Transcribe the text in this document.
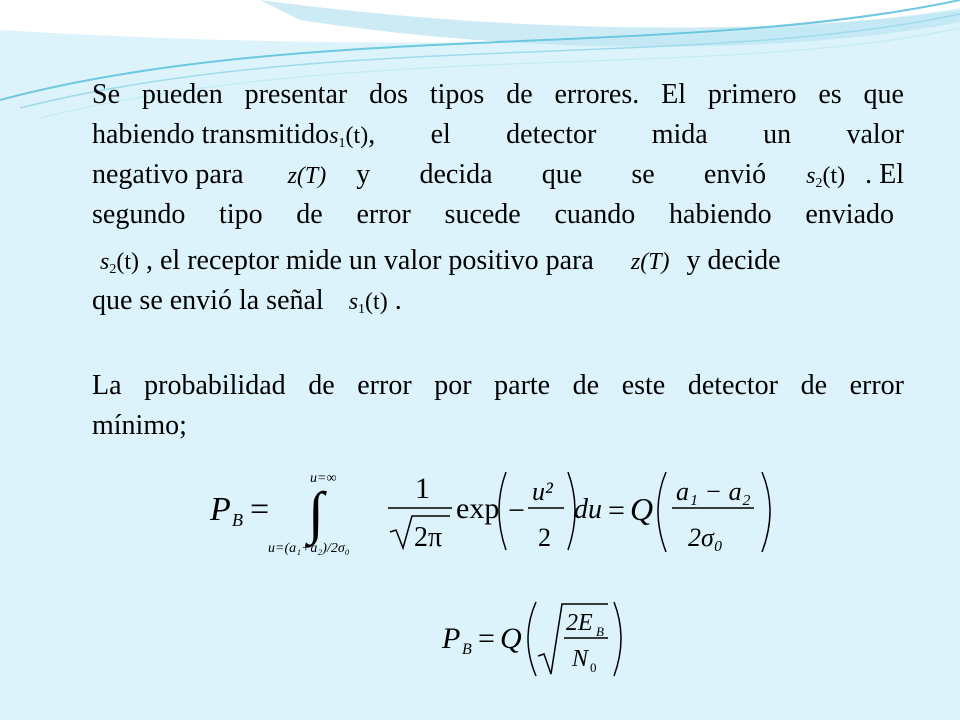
Se pueden presentar dos tipos de errores. El primero es que
habiendo transmitido $s_1(t)$ , el detector mida un valor
negativo para z(T) y decida que se envió $s_2(t)$ . El
segundo tipo de error sucede cuando habiendo enviado
$s_2(t)$ , el receptor mide un valor positivo para z(T) y decide
que se envió la señal $s_1(t)$ .
La probabilidad de error por parte de este detector de error
mínimo;
P B =
u=∞
∫
u=(a₁+a₂)/2σ₀
1
2π
exp −
u²
2
du = Q a₁ − a₂
2σ₀
P B = Q 2E B
N 0
